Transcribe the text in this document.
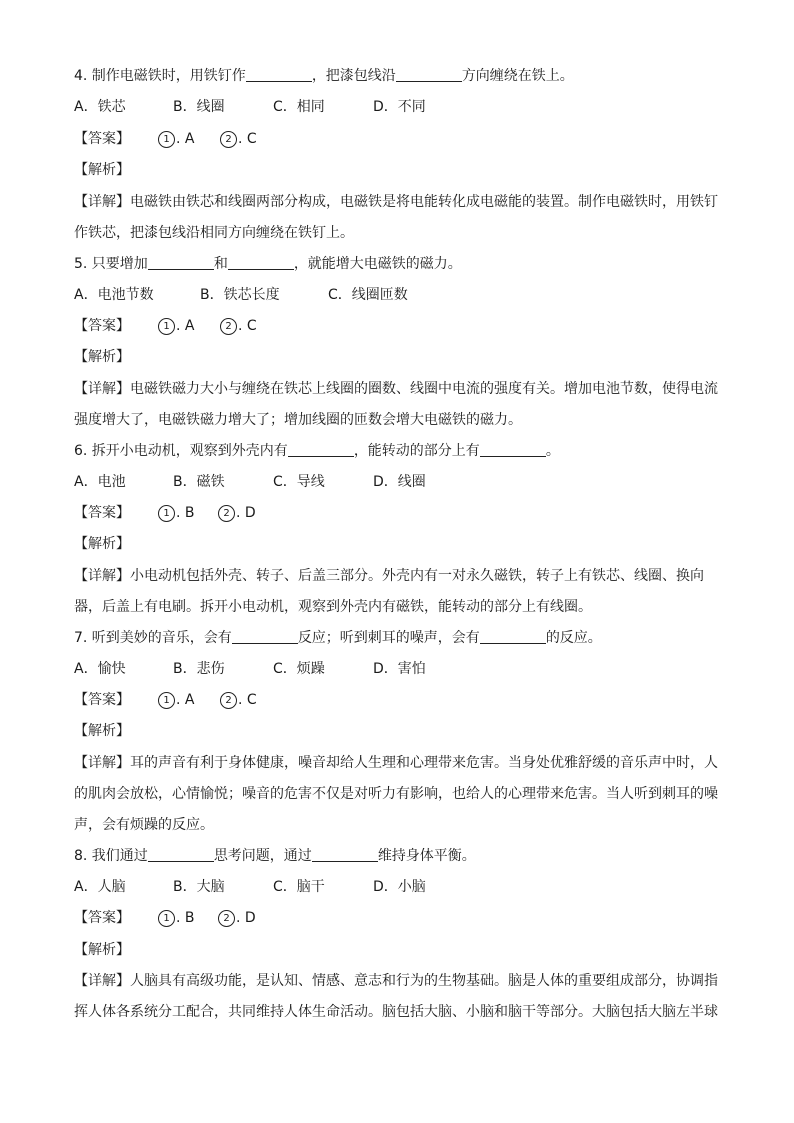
4. 制作电磁铁时，用铁钉作	，把漆包线沿	方向缠绕在铁上。
A．铁芯	B．线圈	C．相同	D．不同
【答案】	1 . A	2 . C
【解析】
【详解】电磁铁由铁芯和线圈两部分构成，电磁铁是将电能转化成电磁能的装置。制作电磁铁时，用铁钉
作铁芯，把漆包线沿相同方向缠绕在铁钉上。
5. 只要增加	和	，就能增大电磁铁的磁力。
A．电池节数	B．铁芯长度	C．线圈匝数
【答案】	1 . A	2 . C
【解析】
【详解】电磁铁磁力大小与缠绕在铁芯上线圈的圈数、线圈中电流的强度有关。增加电池节数，使得电流
强度增大了，电磁铁磁力增大了；增加线圈的匝数会增大电磁铁的磁力。
6. 拆开小电动机，观察到外壳内有	，能转动的部分上有	。
A．电池	B．磁铁	C．导线	D．线圈
【答案】	1 . B	2 . D
【解析】
【详解】小电动机包括外壳、转子、后盖三部分。外壳内有一对永久磁铁，转子上有铁芯、线圈、换向
器，后盖上有电刷。拆开小电动机，观察到外壳内有磁铁，能转动的部分上有线圈。
7. 听到美妙的音乐，会有	反应；听到刺耳的噪声，会有	的反应。
A．愉快	B．悲伤	C．烦躁	D．害怕
【答案】	1 . A	2 . C
【解析】
【详解】耳的声音有利于身体健康，噪音却给人生理和心理带来危害。当身处优雅舒缓的音乐声中时，人
的肌肉会放松，心情愉悦；噪音的危害不仅是对听力有影响，也给人的心理带来危害。当人听到刺耳的噪
声，会有烦躁的反应。
8. 我们通过	思考问题，通过	维持身体平衡。
A．人脑	B．大脑	C．脑干	D．小脑
【答案】	1 . B	2 . D
【解析】
【详解】人脑具有高级功能，是认知、情感、意志和行为的生物基础。脑是人体的重要组成部分，协调指
挥人体各系统分工配合，共同维持人体生命活动。脑包括大脑、小脑和脑干等部分。大脑包括大脑左半球
